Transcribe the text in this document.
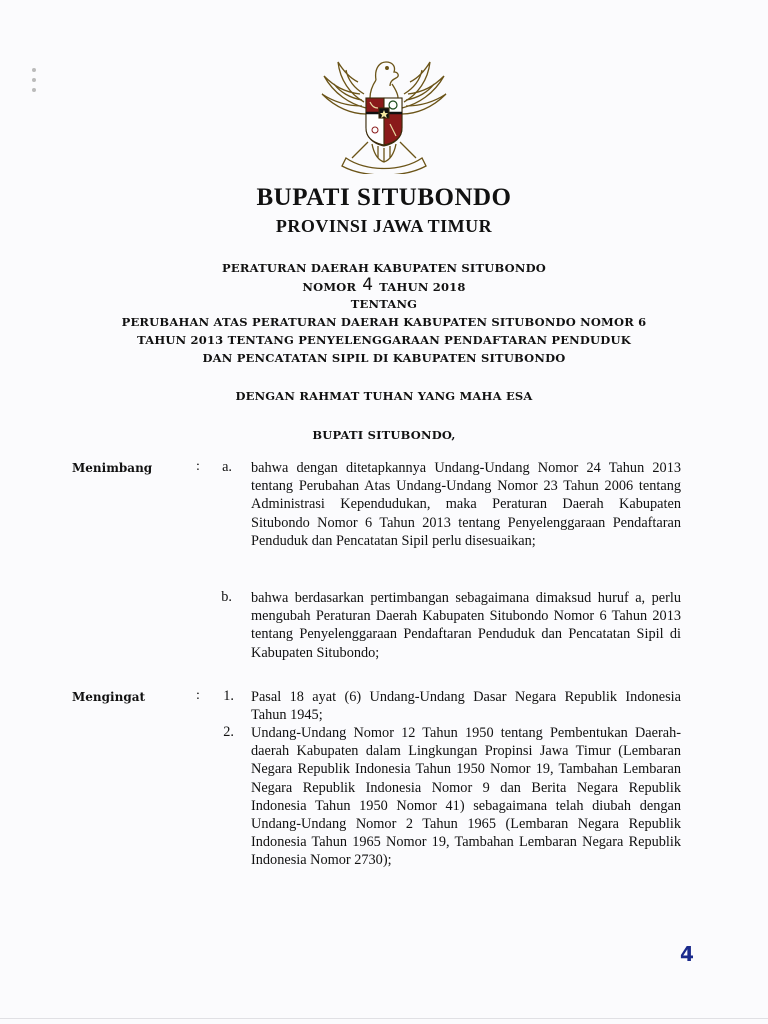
BUPATI SITUBONDO
PROVINSI JAWA TIMUR
PERATURAN DAERAH KABUPATEN SITUBONDO
NOMOR 4 TAHUN 2018
TENTANG
PERUBAHAN ATAS PERATURAN DAERAH KABUPATEN SITUBONDO NOMOR 6
TAHUN 2013 TENTANG PENYELENGGARAAN PENDAFTARAN PENDUDUK
DAN PENCATATAN SIPIL DI KABUPATEN SITUBONDO
DENGAN RAHMAT TUHAN YANG MAHA ESA
BUPATI SITUBONDO,
Menimbang	:	a. bahwa dengan ditetapkannya Undang-Undang Nomor 24 Tahun 2013 tentang Perubahan Atas Undang-Undang Nomor 23 Tahun 2006 tentang Administrasi Kependudukan, maka Peraturan Daerah Kabupaten Situbondo Nomor 6 Tahun 2013 tentang Penyelenggaraan Pendaftaran Penduduk dan Pencatatan Sipil perlu disesuaikan;
b. bahwa berdasarkan pertimbangan sebagaimana dimaksud huruf a, perlu mengubah Peraturan Daerah Kabupaten Situbondo Nomor 6 Tahun 2013 tentang Penyelenggaraan Pendaftaran Penduduk dan Pencatatan Sipil di Kabupaten Situbondo;
Mengingat	:	1. Pasal 18 ayat (6) Undang-Undang Dasar Negara Republik Indonesia Tahun 1945;
2. Undang-Undang Nomor 12 Tahun 1950 tentang Pembentukan Daerah-daerah Kabupaten dalam Lingkungan Propinsi Jawa Timur (Lembaran Negara Republik Indonesia Tahun 1950 Nomor 19, Tambahan Lembaran Negara Republik Indonesia Nomor 9 dan Berita Negara Republik Indonesia Tahun 1950 Nomor 41) sebagaimana telah diubah dengan Undang-Undang Nomor 2 Tahun 1965 (Lembaran Negara Republik Indonesia Tahun 1965 Nomor 19, Tambahan Lembaran Negara Republik Indonesia Nomor 2730);
4
